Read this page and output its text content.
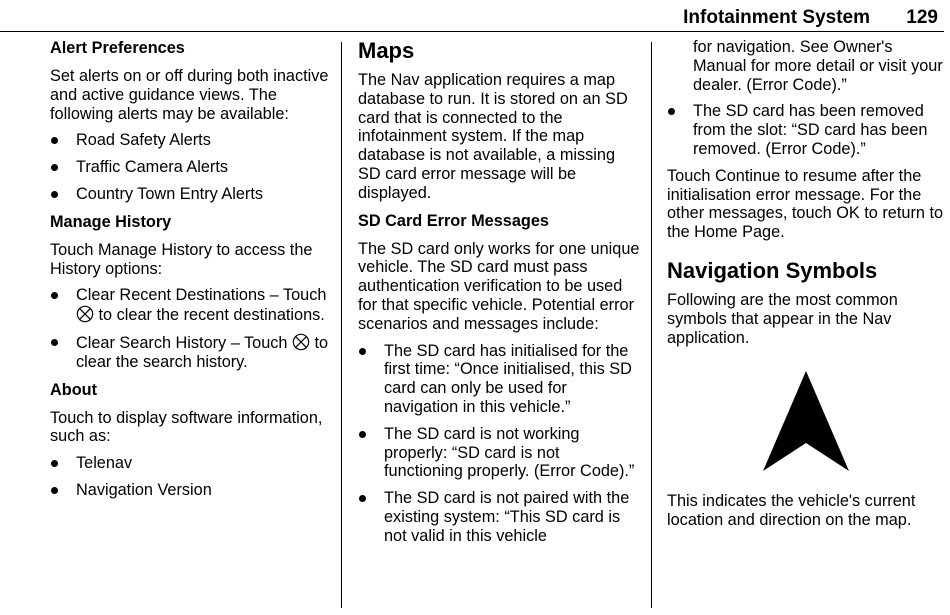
Infotainment System 129
Alert Preferences

Set alerts on or off during both inactive and active guidance views. The following alerts may be available:

Road Safety Alerts
Traffic Camera Alerts
Country Town Entry Alerts
Manage History

Touch Manage History to access the History options:

Clear Recent Destinations – Touch  to clear the recent destinations.
Clear Search History – Touch to clear the search history.
About

Touch to display software information, such as:

Telenav
Navigation Version
Maps

The Nav application requires a map database to run. It is stored on an SD card that is connected to the infotainment system. If the map database is not available, a missing SD card error message will be displayed.

SD Card Error Messages

The SD card only works for one unique vehicle. The SD card must pass authentication verification to be used for that specific vehicle. Potential error scenarios and messages include:

The SD card has initialised for the first time: “Once initialised, this SD card can only be used for navigation in this vehicle.”
The SD card is not working properly: “SD card is not functioning properly. (Error Code).”
The SD card is not paired with the existing system: “This SD card is not valid in this vehicle
for navigation. See Owner's Manual for more detail or visit your dealer. (Error Code).”
The SD card has been removed from the slot: “SD card has been removed. (Error Code).”

Touch Continue to resume after the initialisation error message. For the other messages, touch OK to return to the Home Page.

Navigation Symbols

Following are the most common symbols that appear in the Nav application.

This indicates the vehicle's current location and direction on the map.
